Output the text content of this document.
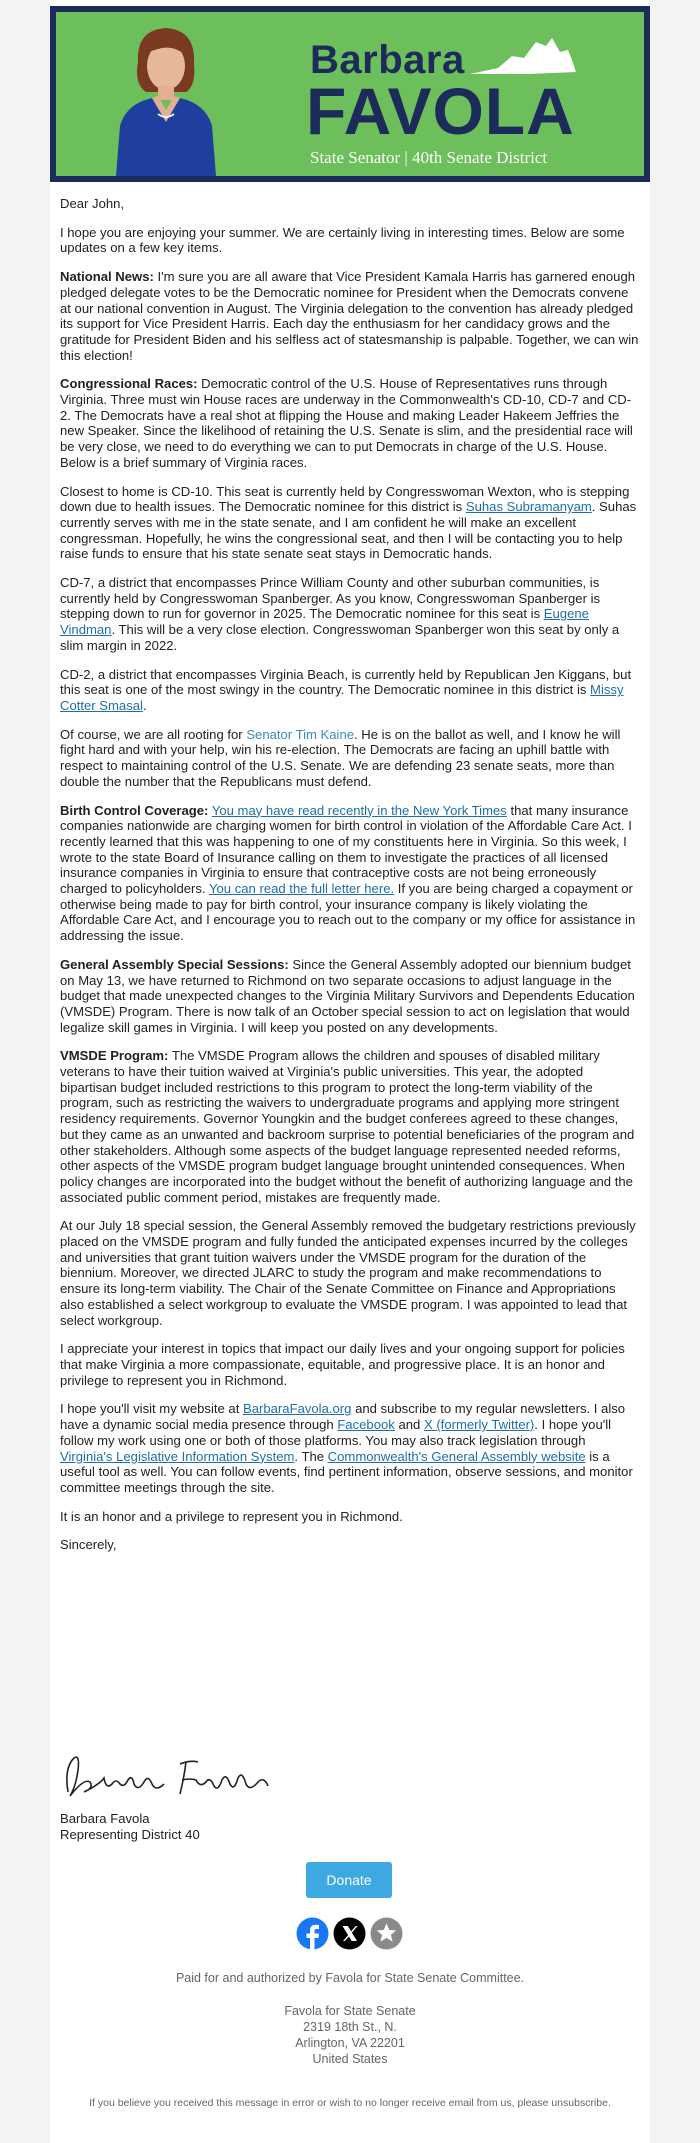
Barbara
FAVOLA
State Senator | 40th Senate District

Dear John,

I hope you are enjoying your summer. We are certainly living in interesting times. Below are some updates on a few key items.

National News: I'm sure you are all aware that Vice President Kamala Harris has garnered enough pledged delegate votes to be the Democratic nominee for President when the Democrats convene at our national convention in August. The Virginia delegation to the convention has already pledged its support for Vice President Harris. Each day the enthusiasm for her candidacy grows and the gratitude for President Biden and his selfless act of statesmanship is palpable. Together, we can win this election!

Congressional Races: Democratic control of the U.S. House of Representatives runs through Virginia. Three must win House races are underway in the Commonwealth's CD-10, CD-7 and CD-2. The Democrats have a real shot at flipping the House and making Leader Hakeem Jeffries the new Speaker. Since the likelihood of retaining the U.S. Senate is slim, and the presidential race will be very close, we need to do everything we can to put Democrats in charge of the U.S. House. Below is a brief summary of Virginia races.

Closest to home is CD-10. This seat is currently held by Congresswoman Wexton, who is stepping down due to health issues. The Democratic nominee for this district is Suhas Subramanyam. Suhas currently serves with me in the state senate, and I am confident he will make an excellent congressman. Hopefully, he wins the congressional seat, and then I will be contacting you to help raise funds to ensure that his state senate seat stays in Democratic hands.

CD-7, a district that encompasses Prince William County and other suburban communities, is currently held by Congresswoman Spanberger. As you know, Congresswoman Spanberger is stepping down to run for governor in 2025. The Democratic nominee for this seat is Eugene Vindman. This will be a very close election. Congresswoman Spanberger won this seat by only a slim margin in 2022.

CD-2, a district that encompasses Virginia Beach, is currently held by Republican Jen Kiggans, but this seat is one of the most swingy in the country. The Democratic nominee in this district is Missy Cotter Smasal.

Of course, we are all rooting for Senator Tim Kaine. He is on the ballot as well, and I know he will fight hard and with your help, win his re-election. The Democrats are facing an uphill battle with respect to maintaining control of the U.S. Senate. We are defending 23 senate seats, more than double the number that the Republicans must defend.

Birth Control Coverage: You may have read recently in the New York Times that many insurance companies nationwide are charging women for birth control in violation of the Affordable Care Act. I recently learned that this was happening to one of my constituents here in Virginia. So this week, I wrote to the state Board of Insurance calling on them to investigate the practices of all licensed insurance companies in Virginia to ensure that contraceptive costs are not being erroneously charged to policyholders. You can read the full letter here. If you are being charged a copayment or otherwise being made to pay for birth control, your insurance company is likely violating the Affordable Care Act, and I encourage you to reach out to the company or my office for assistance in addressing the issue.

General Assembly Special Sessions: Since the General Assembly adopted our biennium budget on May 13, we have returned to Richmond on two separate occasions to adjust language in the budget that made unexpected changes to the Virginia Military Survivors and Dependents Education (VMSDE) Program. There is now talk of an October special session to act on legislation that would legalize skill games in Virginia. I will keep you posted on any developments.

VMSDE Program: The VMSDE Program allows the children and spouses of disabled military veterans to have their tuition waived at Virginia's public universities. This year, the adopted bipartisan budget included restrictions to this program to protect the long-term viability of the program, such as restricting the waivers to undergraduate programs and applying more stringent residency requirements. Governor Youngkin and the budget conferees agreed to these changes, but they came as an unwanted and backroom surprise to potential beneficiaries of the program and other stakeholders. Although some aspects of the budget language represented needed reforms, other aspects of the VMSDE program budget language brought unintended consequences. When policy changes are incorporated into the budget without the benefit of authorizing language and the associated public comment period, mistakes are frequently made.

At our July 18 special session, the General Assembly removed the budgetary restrictions previously placed on the VMSDE program and fully funded the anticipated expenses incurred by the colleges and universities that grant tuition waivers under the VMSDE program for the duration of the biennium. Moreover, we directed JLARC to study the program and make recommendations to ensure its long-term viability. The Chair of the Senate Committee on Finance and Appropriations also established a select workgroup to evaluate the VMSDE program. I was appointed to lead that select workgroup.

I appreciate your interest in topics that impact our daily lives and your ongoing support for policies that make Virginia a more compassionate, equitable, and progressive place. It is an honor and privilege to represent you in Richmond.

I hope you'll visit my website at BarbaraFavola.org and subscribe to my regular newsletters. I also have a dynamic social media presence through Facebook and X (formerly Twitter). I hope you'll follow my work using one or both of those platforms. You may also track legislation through Virginia's Legislative Information System. The Commonwealth's General Assembly website is a useful tool as well. You can follow events, find pertinent information, observe sessions, and monitor committee meetings through the site.

It is an honor and a privilege to represent you in Richmond.

Sincerely,

Barbara Favola
Representing District 40
Donate
Paid for and authorized by Favola for State Senate Committee.
Favola for State Senate
2319 18th St., N.
Arlington, VA 22201
United States
If you believe you received this message in error or wish to no longer receive email from us, please unsubscribe.
